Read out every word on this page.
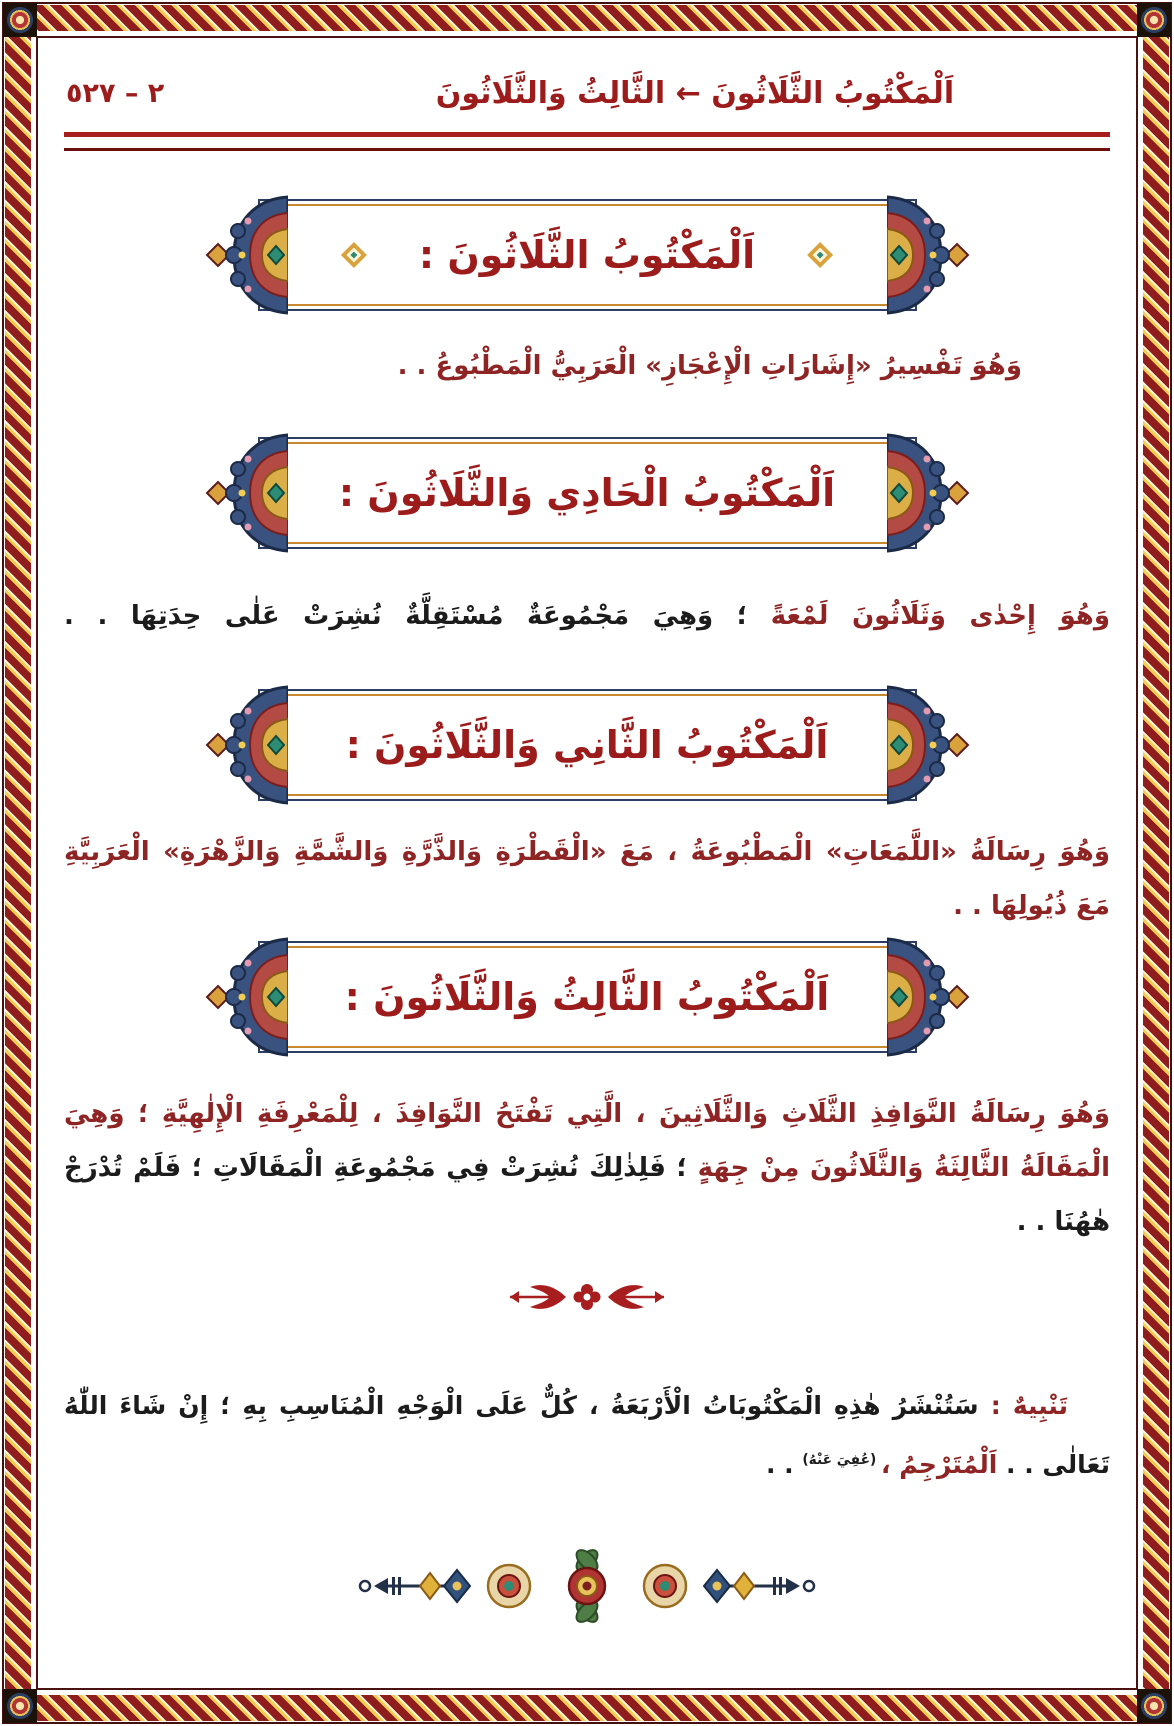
اَلْمَكْتُوبُ الثَّلَاثُونَ ← الثَّالِثُ وَالثَّلَاثُونَ
٢ – ٥٢٧
اَلْمَكْتُوبُ الثَّلَاثُونَ :
وَهُوَ تَفْسِيرُ «إِشَارَاتِ الْإِعْجَازِ» الْعَرَبِيُّ الْمَطْبُوعُ . .
اَلْمَكْتُوبُ الْحَادِي وَالثَّلَاثُونَ :
وَهُوَ إِحْدٰى وَثَلَاثُونَ لَمْعَةً ؛ وَهِيَ مَجْمُوعَةٌ مُسْتَقِلَّةٌ نُشِرَتْ عَلٰى حِدَتِهَا . .
اَلْمَكْتُوبُ الثَّانِي وَالثَّلَاثُونَ :
وَهُوَ رِسَالَةُ «اللَّمَعَاتِ» الْمَطْبُوعَةُ ، مَعَ «الْقَطْرَةِ وَالذَّرَّةِ وَالشَّمَّةِ وَالزَّهْرَةِ» الْعَرَبِيَّةِ
مَعَ ذُيُولِهَا . .
اَلْمَكْتُوبُ الثَّالِثُ وَالثَّلَاثُونَ :
وَهُوَ رِسَالَةُ النَّوَافِذِ الثَّلَاثِ وَالثَّلَاثِينَ ، الَّتِي تَفْتَحُ النَّوَافِذَ ، لِلْمَعْرِفَةِ الْإِلٰهِيَّةِ ؛ وَهِيَ
الْمَقَالَةُ الثَّالِثَةُ وَالثَّلَاثُونَ مِنْ جِهَةٍ ؛ فَلِذٰلِكَ نُشِرَتْ فِي مَجْمُوعَةِ الْمَقَالَاتِ ؛ فَلَمْ تُدْرَجْ
هٰهُنَا . .
تَنْبِيهٌ : سَتُنْشَرُ هٰذِهِ الْمَكْتُوبَاتُ الْأَرْبَعَةُ ، كُلٌّ عَلَى الْوَجْهِ الْمُنَاسِبِ بِهِ ؛ إِنْ شَاءَ اللّٰهُ
تَعَالٰى . . اَلْمُتَرْجِمُ ، $^{(عُفِيَ عَنْهُ)}$ . .
